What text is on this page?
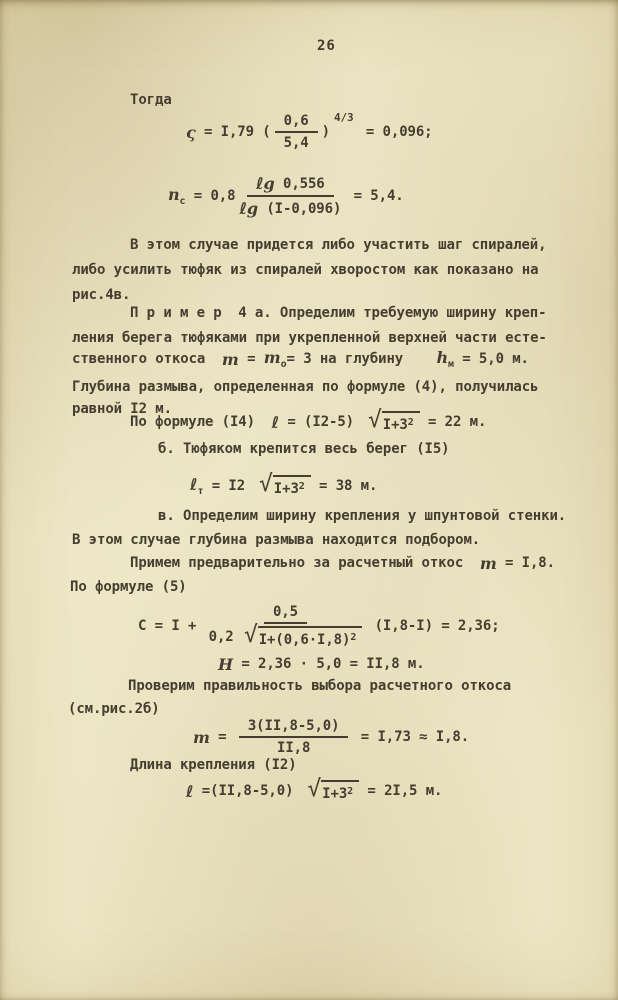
26
Тогда
ς = I,79 ( $\frac{0,6}{5,4}$ )
4/3
= 0,096;
$n_c = 0,8 \frac{\text{ℓg 0,556}}{\text{ℓg (I-0,096)}} = 5,4$.
В этом случае придется либо участить шаг спиралей,
либо усилить тюфяк из спиралей хворостом как показано на
рис.4в.
П р и м е р  4 а. Определим требуемую ширину креп-
ления берега тюфяками при укрепленной верхней части есте-
ственного откоса $m = m_о = 3$ на глубину $h_м = 5,0$ м.
Глубина размыва, определенная по формуле (4), получилась
равной I2 м.
По формуле (I4) ℓ = (I2-5) √ $I+3^2 = 22$ м.
б. Тюфяком крепится весь берег (I5)
ℓ$_т$ = I2 √ $I+3^2 = 38$ м.
в. Определим ширину крепления у шпунтовой стенки.
В этом случае глубина размыва находится подбором.
Примем предварительно за расчетный откос m = I,8.
По формуле (5)
$C = I + \frac{0,5}{0,2 √ I+(0,6\cdot I,8)^2} (I,8-I) = 2,36$;
H = 2,36 · 5,0 = II,8 м.
Проверим правильность выбора расчетного откоса
(см.рис.2б)
$m = \frac{3(II,8-5,0)}{II,8} = I,73 \approx I,8$.
Длина крепления (I2)
ℓ =(II,8-5,0) √ $I+3^2 = 2I,5$ м.
